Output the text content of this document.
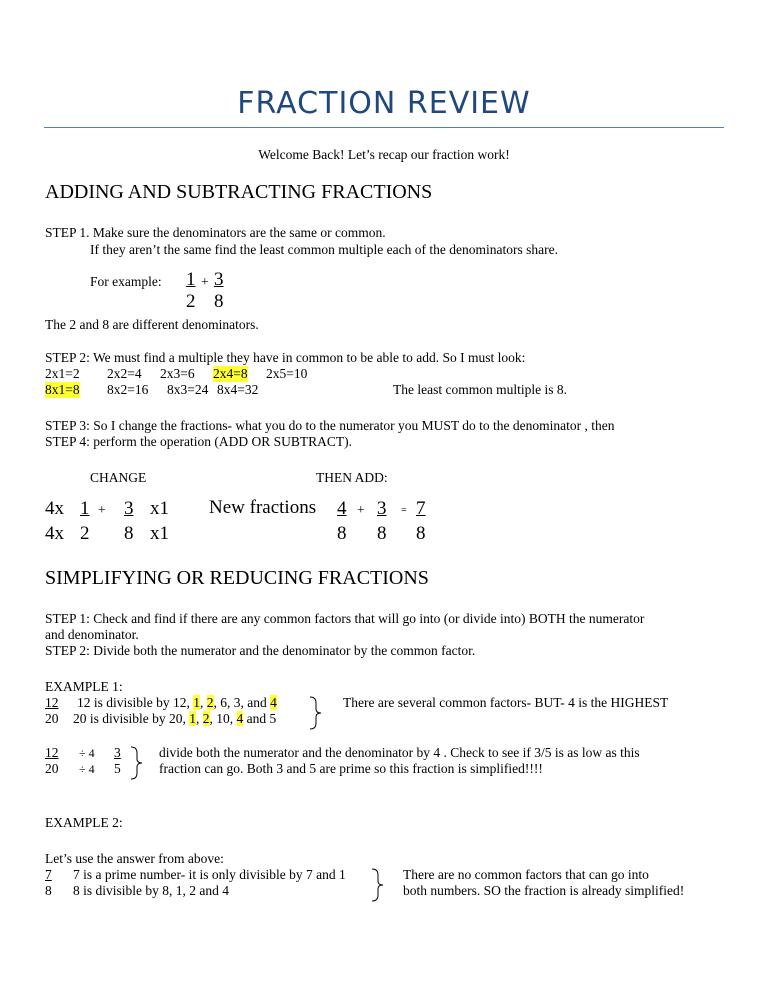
FRACTION REVIEW
Welcome Back! Let’s recap our fraction work!
ADDING AND SUBTRACTING FRACTIONS
STEP 1. Make sure the denominators are the same or common.
If they aren’t the same find the least common multiple each of the denominators share.
For example: 1 + 3
2 8
The 2 and 8 are different denominators.
STEP 2: We must find a multiple they have in common to be able to add. So I must look:
2x1=2 2x2=4 2x3=6 2x4=8 2x5=10
8x1=8 8x2=16 8x3=24 8x4=32	The least common multiple is 8.
STEP 3: So I change the fractions- what you do to the numerator you MUST do to the denominator , then
STEP 4: perform the operation (ADD OR SUBTRACT).
CHANGE	THEN ADD:
4x 1 + 3 x1
4x 2 8 x1
New fractions 4 + 3 = 7
8 8 8
SIMPLIFYING OR REDUCING FRACTIONS
STEP 1: Check and find if there are any common factors that will go into (or divide into) BOTH the numerator
and denominator.
STEP 2: Divide both the numerator and the denominator by the common factor.
EXAMPLE 1:
12	12 is divisible by 12, 1, 2, 6, 3, and 4
20 20 is divisible by 20, 1, 2, 10, 4 and 5
There are several common factors- BUT- 4 is the HIGHEST
12 ÷ 4 3
20 ÷ 4 5
divide both the numerator and the denominator by 4 . Check to see if 3/5 is as low as this
fraction can go. Both 3 and 5 are prime so this fraction is simplified!!!!
EXAMPLE 2:
Let’s use the answer from above:
7 7 is a prime number- it is only divisible by 7 and 1
8 8 is divisible by 8, 1, 2 and 4
There are no common factors that can go into
both numbers. SO the fraction is already simplified!
